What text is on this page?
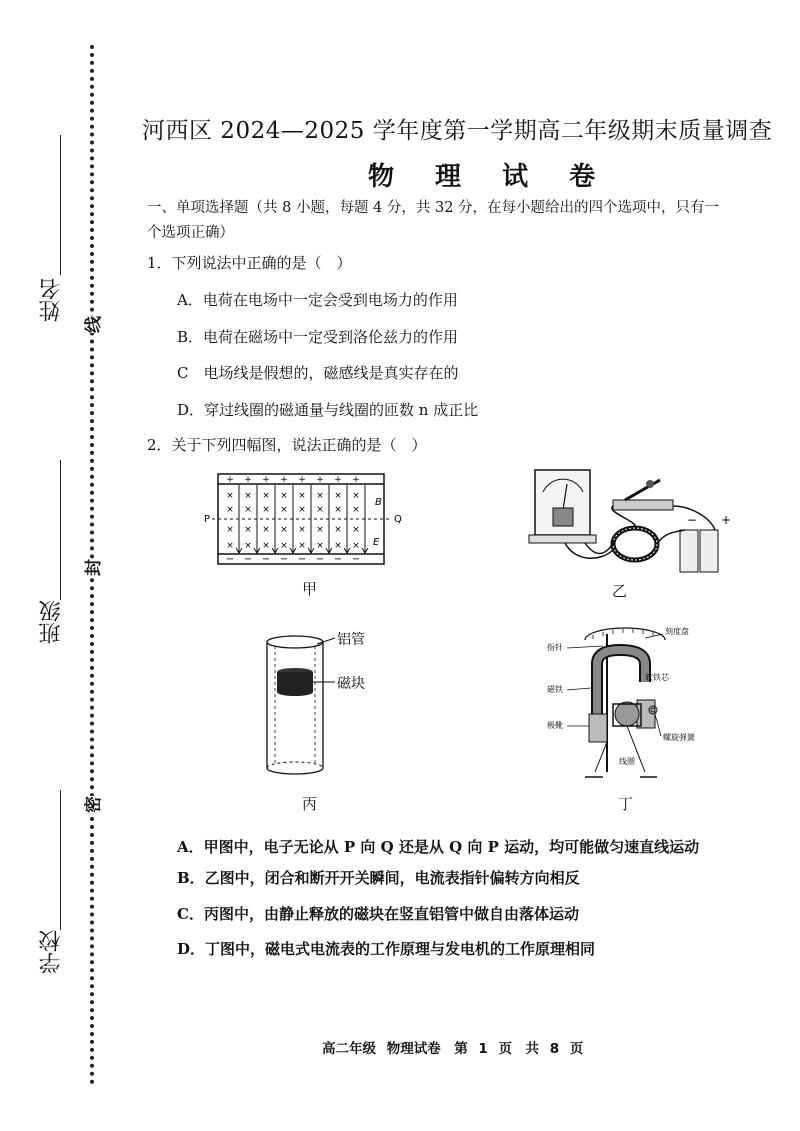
姓名
班级
学校
线
封
密
河西区 2024—2025 学年度第一学期高二年级期末质量调查
物 理 试 卷
一、单项选择题（共 8 小题，每题 4 分，共 32 分，在每小题给出的四个选项中，只有一
个选项正确）
1．下列说法中正确的是（　）
A．电荷在电场中一定会受到电场力的作用
B．电荷在磁场中一定受到洛伦兹力的作用
C　电场线是假想的，磁感线是真实存在的
D．穿过线圈的磁通量与线圈的匝数 n 成正比
2．关于下列四幅图，说法正确的是（　）
+ + + + + + + +
− − − − − − − −
×
×
×
×
×
×
×
×
×
×
×
×
×
×
×
×
×
×
×
×
×
×
×
×
×
×
×
×
×
×
×
×
P	Q
B
E
甲
− +
乙
铝管
磁块
丙
刻度盘
指针
软铁芯
磁铁
极靴
螺旋弹簧
线圈
丁
A．甲图中，电子无论从 P 向 Q 还是从 Q 向 P 运动，均可能做匀速直线运动
B．乙图中，闭合和断开开关瞬间，电流表指针偏转方向相反
C．丙图中，由静止释放的磁块在竖直铝管中做自由落体运动
D．丁图中，磁电式电流表的工作原理与发电机的工作原理相同
高二年级 物理试卷　第 1 页　共 8 页
